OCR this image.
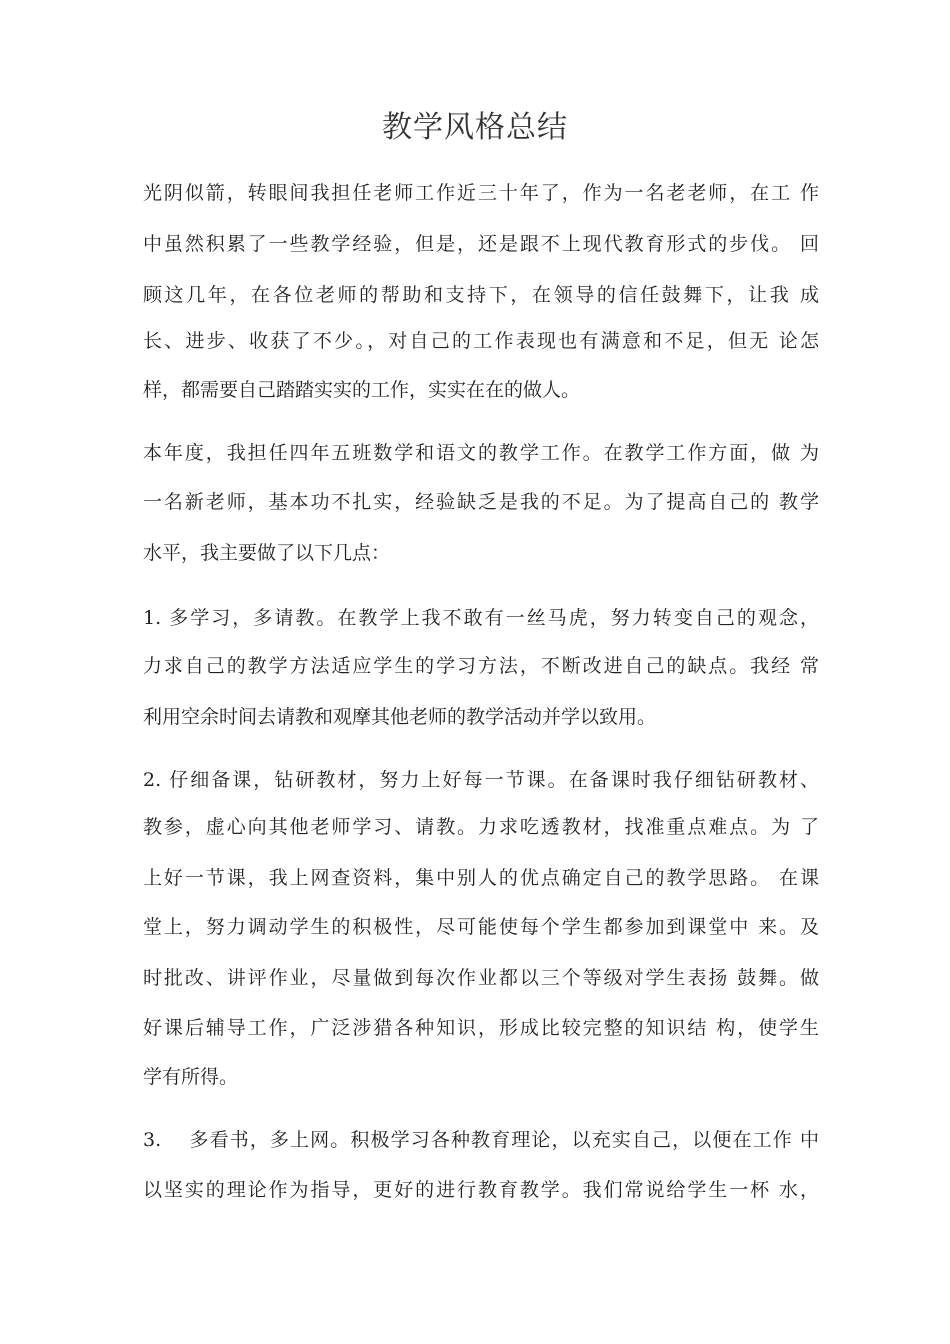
教学风格总结
光阴似箭，转眼间我担任老师工作近三十年了，作为一名老老师，在工 作
中虽然积累了一些教学经验，但是，还是跟不上现代教育形式的步伐。 回
顾这几年，在各位老师的帮助和支持下，在领导的信任鼓舞下，让我 成
长、进步、收获了不少。，对自己的工作表现也有满意和不足，但无 论怎
样，都需要自己踏踏实实的工作，实实在在的做人。
本年度，我担任四年五班数学和语文的教学工作。在教学工作方面，做 为
一名新老师，基本功不扎实，经验缺乏是我的不足。为了提高自己的 教学
水平，我主要做了以下几点：
1. 多学习，多请教。在教学上我不敢有一丝马虎，努力转变自己的观念，
力求自己的教学方法适应学生的学习方法，不断改进自己的缺点。我经 常
利用空余时间去请教和观摩其他老师的教学活动并学以致用。
2. 仔细备课，钻研教材，努力上好每一节课。在备课时我仔细钻研教材、
教参，虚心向其他老师学习、请教。力求吃透教材，找准重点难点。为 了
上好一节课，我上网查资料，集中别人的优点确定自己的教学思路。 在课
堂上，努力调动学生的积极性，尽可能使每个学生都参加到课堂中 来。及
时批改、讲评作业，尽量做到每次作业都以三个等级对学生表扬 鼓舞。做
好课后辅导工作，广泛涉猎各种知识，形成比较完整的知识结 构，使学生
学有所得。
3.　 多看书，多上网。积极学习各种教育理论，以充实自己，以便在工作 中
以坚实的理论作为指导，更好的进行教育教学。我们常说给学生一杯 水，
